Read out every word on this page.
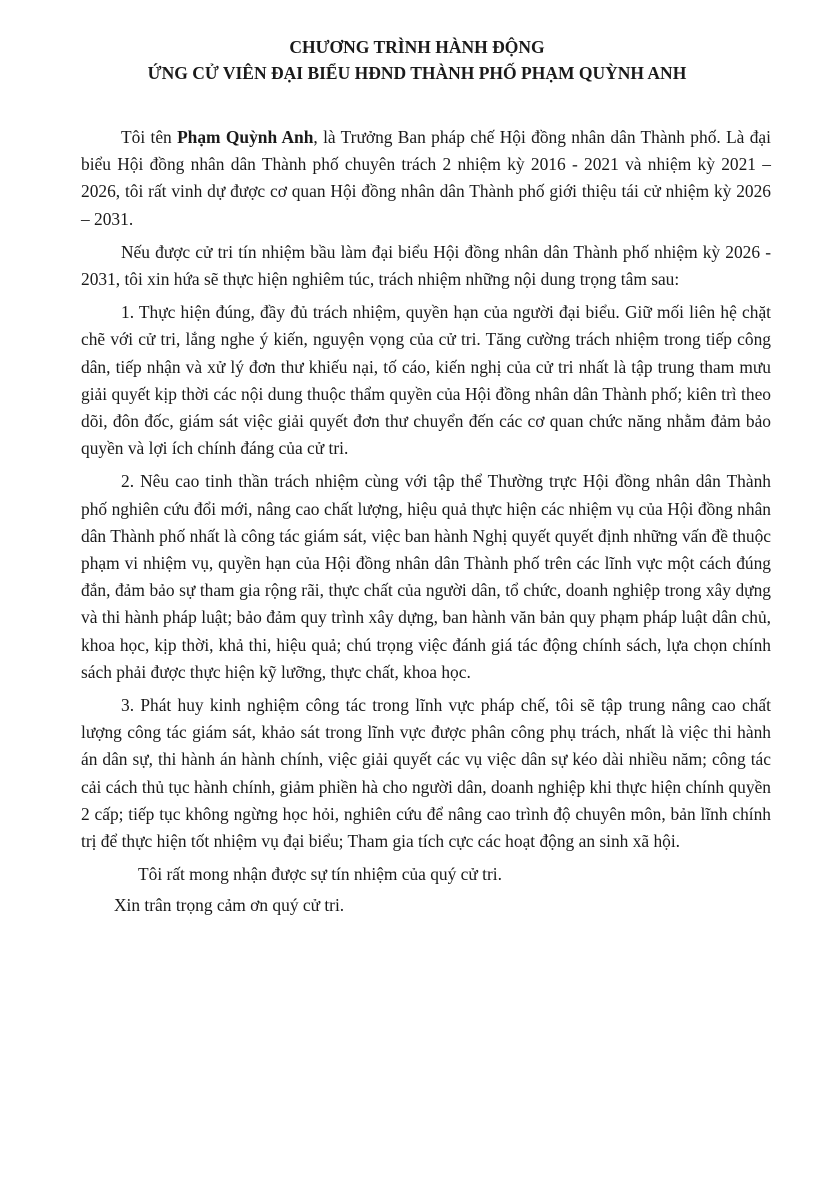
CHƯƠNG TRÌNH HÀNH ĐỘNG
ỨNG CỬ VIÊN ĐẠI BIỂU HĐND THÀNH PHỐ PHẠM QUỲNH ANH

Tôi tên Phạm Quỳnh Anh, là Trưởng Ban pháp chế Hội đồng nhân dân Thành phố. Là đại biểu Hội đồng nhân dân Thành phố chuyên trách 2 nhiệm kỳ 2016 - 2021 và nhiệm kỳ 2021 – 2026, tôi rất vinh dự được cơ quan Hội đồng nhân dân Thành phố giới thiệu tái cử nhiệm kỳ 2026 – 2031.

Nếu được cử tri tín nhiệm bầu làm đại biểu Hội đồng nhân dân Thành phố nhiệm kỳ 2026 - 2031, tôi xin hứa sẽ thực hiện nghiêm túc, trách nhiệm những nội dung trọng tâm sau:

1. Thực hiện đúng, đầy đủ trách nhiệm, quyền hạn của người đại biểu. Giữ mối liên hệ chặt chẽ với cử tri, lắng nghe ý kiến, nguyện vọng của cử tri. Tăng cường trách nhiệm trong tiếp công dân, tiếp nhận và xử lý đơn thư khiếu nại, tố cáo, kiến nghị của cử tri nhất là tập trung tham mưu giải quyết kịp thời các nội dung thuộc thẩm quyền của Hội đồng nhân dân Thành phố; kiên trì theo dõi, đôn đốc, giám sát việc giải quyết đơn thư chuyển đến các cơ quan chức năng nhằm đảm bảo quyền và lợi ích chính đáng của cử tri.

2. Nêu cao tinh thần trách nhiệm cùng với tập thể Thường trực Hội đồng nhân dân Thành phố nghiên cứu đổi mới, nâng cao chất lượng, hiệu quả thực hiện các nhiệm vụ của Hội đồng nhân dân Thành phố nhất là công tác giám sát, việc ban hành Nghị quyết quyết định những vấn đề thuộc phạm vi nhiệm vụ, quyền hạn của Hội đồng nhân dân Thành phố trên các lĩnh vực một cách đúng đắn, đảm bảo sự tham gia rộng rãi, thực chất của người dân, tổ chức, doanh nghiệp trong xây dựng và thi hành pháp luật; bảo đảm quy trình xây dựng, ban hành văn bản quy phạm pháp luật dân chủ, khoa học, kịp thời, khả thi, hiệu quả; chú trọng việc đánh giá tác động chính sách, lựa chọn chính sách phải được thực hiện kỹ lưỡng, thực chất, khoa học.

3. Phát huy kinh nghiệm công tác trong lĩnh vực pháp chế, tôi sẽ tập trung nâng cao chất lượng công tác giám sát, khảo sát trong lĩnh vực được phân công phụ trách, nhất là việc thi hành án dân sự, thi hành án hành chính, việc giải quyết các vụ việc dân sự kéo dài nhiều năm; công tác cải cách thủ tục hành chính, giảm phiền hà cho người dân, doanh nghiệp khi thực hiện chính quyền 2 cấp; tiếp tục không ngừng học hỏi, nghiên cứu để nâng cao trình độ chuyên môn, bản lĩnh chính trị để thực hiện tốt nhiệm vụ đại biểu; Tham gia tích cực các hoạt động an sinh xã hội.

Tôi rất mong nhận được sự tín nhiệm của quý cử tri.

Xin trân trọng cảm ơn quý cử tri.
